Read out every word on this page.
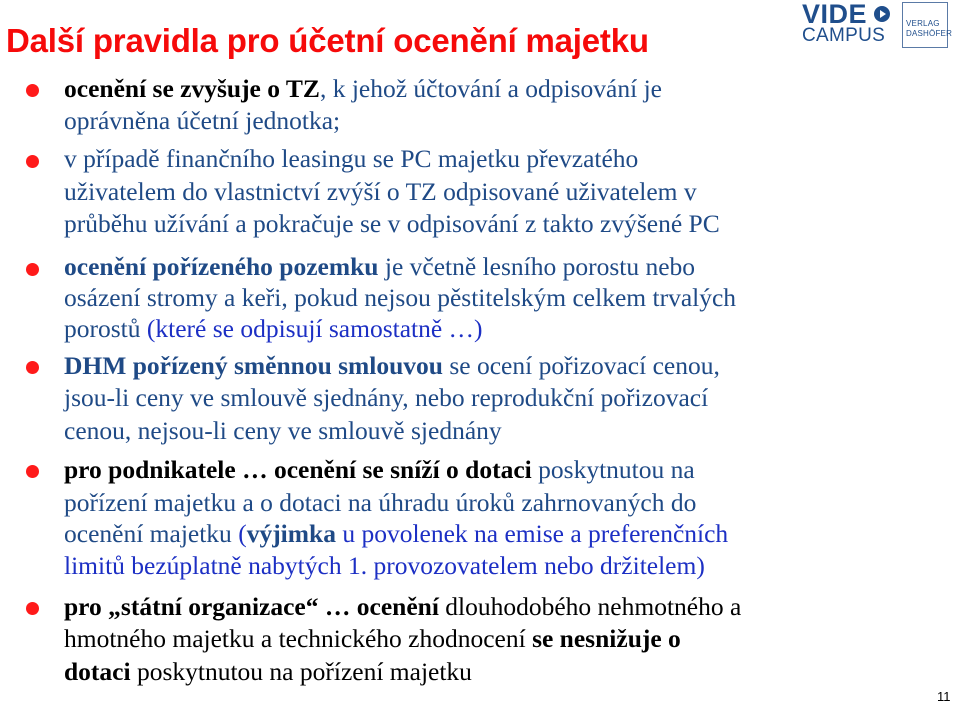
Další pravidla pro účetní ocenění majetku
VIDE
CAMPUS
VERLAG
DASHÖFER
ocenění se zvyšuje o TZ, k jehož účtování a odpisování je
oprávněna účetní jednotka;
v případě finančního leasingu se PC majetku převzatého
uživatelem do vlastnictví zvýší o TZ odpisované uživatelem v
průběhu užívání a pokračuje se v odpisování z takto zvýšené PC
ocenění pořízeného pozemku je včetně lesního porostu nebo
osázení stromy a keři, pokud nejsou pěstitelským celkem trvalých
porostů (které se odpisují samostatně …)
DHM pořízený směnnou smlouvou se ocení pořizovací cenou,
jsou-li ceny ve smlouvě sjednány, nebo reprodukční pořizovací
cenou, nejsou-li ceny ve smlouvě sjednány
pro podnikatele … ocenění se sníží o dotaci poskytnutou na
pořízení majetku a o dotaci na úhradu úroků zahrnovaných do
ocenění majetku (výjimka u povolenek na emise a preferenčních
limitů bezúplatně nabytých 1. provozovatelem nebo držitelem)
pro „státní organizace“ … ocenění dlouhodobého nehmotného a
hmotného majetku a technického zhodnocení se nesnižuje o
dotaci poskytnutou na pořízení majetku
11
